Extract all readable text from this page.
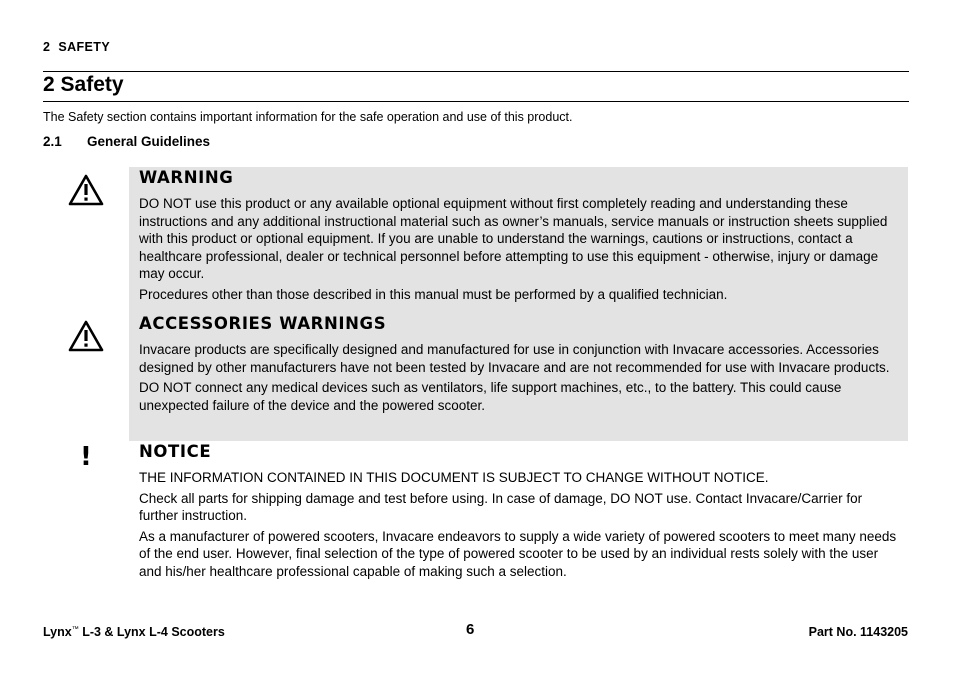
2 SAFETY
2 Safety
The Safety section contains important information for the safe operation and use of this product.
2.1 General Guidelines
WARNING

DO NOT use this product or any available optional equipment without first completely reading and understanding these instructions and any additional instructional material such as owner’s manuals, service manuals or instruction sheets supplied with this product or optional equipment. If you are unable to understand the warnings, cautions or instructions, contact a healthcare professional, dealer or technical personnel before attempting to use this equipment - otherwise, injury or damage may occur.

Procedures other than those described in this manual must be performed by a qualified technician.

ACCESSORIES WARNINGS

Invacare products are specifically designed and manufactured for use in conjunction with Invacare accessories. Accessories designed by other manufacturers have not been tested by Invacare and are not recommended for use with Invacare products.

DO NOT connect any medical devices such as ventilators, life support machines, etc., to the battery. This could cause unexpected failure of the device and the powered scooter.

!	NOTICE

THE INFORMATION CONTAINED IN THIS DOCUMENT IS SUBJECT TO CHANGE WITHOUT NOTICE.

Check all parts for shipping damage and test before using. In case of damage, DO NOT use. Contact Invacare/Carrier for further instruction.

As a manufacturer of powered scooters, Invacare endeavors to supply a wide variety of powered scooters to meet many needs of the end user. However, final selection of the type of powered scooter to be used by an individual rests solely with the user and his/her healthcare professional capable of making such a selection.

Lynx™ L-3 & Lynx L-4 Scooters	6	Part No. 1143205
